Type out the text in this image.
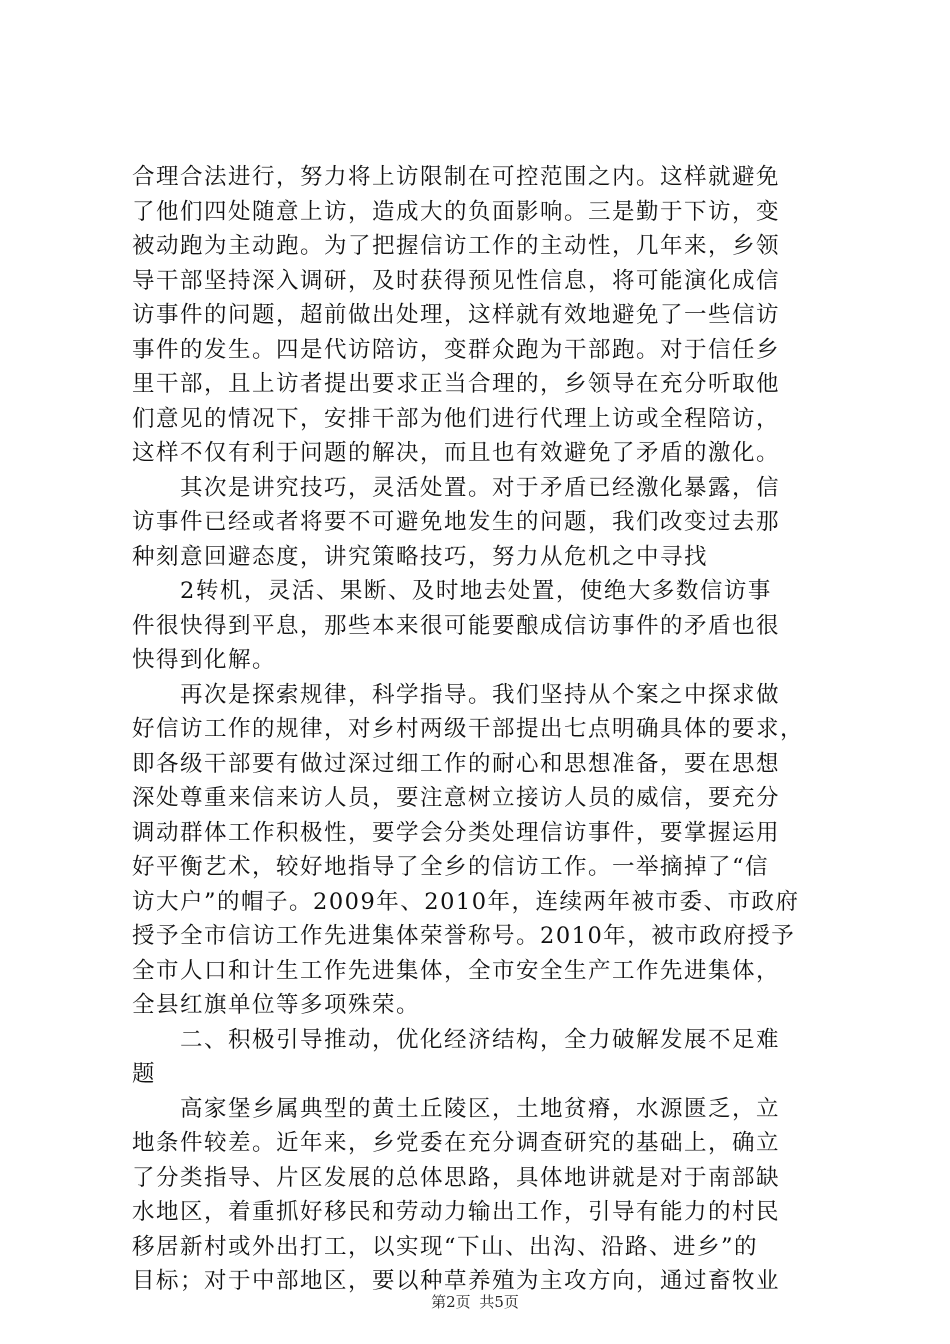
合理合法进行，努力将上访限制在可控范围之内。这样就避免
了他们四处随意上访，造成大的负面影响。三是勤于下访，变
被动跑为主动跑。为了把握信访工作的主动性，几年来，乡领
导干部坚持深入调研，及时获得预见性信息，将可能演化成信
访事件的问题，超前做出处理，这样就有效地避免了一些信访
事件的发生。四是代访陪访，变群众跑为干部跑。对于信任乡
里干部，且上访者提出要求正当合理的，乡领导在充分听取他
们意见的情况下，安排干部为他们进行代理上访或全程陪访，
这样不仅有利于问题的解决，而且也有效避免了矛盾的激化。
其次是讲究技巧，灵活处置。对于矛盾已经激化暴露，信
访事件已经或者将要不可避免地发生的问题，我们改变过去那
种刻意回避态度，讲究策略技巧，努力从危机之中寻找
2转机，灵活、果断、及时地去处置，使绝大多数信访事
件很快得到平息，那些本来很可能要酿成信访事件的矛盾也很
快得到化解。
再次是探索规律，科学指导。我们坚持从个案之中探求做
好信访工作的规律，对乡村两级干部提出七点明确具体的要求，
即各级干部要有做过深过细工作的耐心和思想准备，要在思想
深处尊重来信来访人员，要注意树立接访人员的威信，要充分
调动群体工作积极性，要学会分类处理信访事件，要掌握运用
好平衡艺术，较好地指导了全乡的信访工作。一举摘掉了“信
访大户”的帽子。2009年、2010年，连续两年被市委、市政府
授予全市信访工作先进集体荣誉称号。2010年，被市政府授予
全市人口和计生工作先进集体，全市安全生产工作先进集体，
全县红旗单位等多项殊荣。
二、积极引导推动，优化经济结构，全力破解发展不足难
题
高家堡乡属典型的黄土丘陵区，土地贫瘠，水源匮乏，立
地条件较差。近年来，乡党委在充分调查研究的基础上，确立
了分类指导、片区发展的总体思路，具体地讲就是对于南部缺
水地区，着重抓好移民和劳动力输出工作，引导有能力的村民
移居新村或外出打工，以实现“下山、出沟、沿路、进乡”的
目标；对于中部地区，要以种草养殖为主攻方向，通过畜牧业
第2页 共5页
